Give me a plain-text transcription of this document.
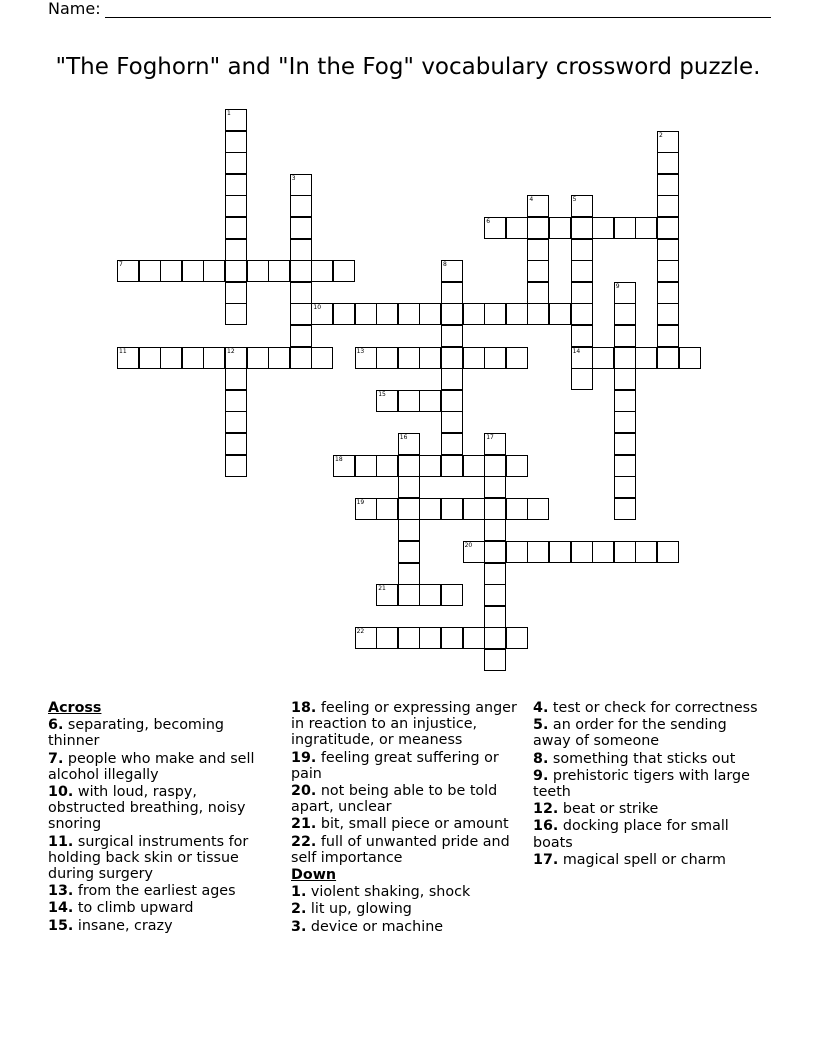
Name:
"The Foghorn" and "In the Fog" vocabulary crossword puzzle.
1
2
3
4	5
14
6
7	8
9
10
11	12	13
15
16	17
18
19
20
21
22
Across
6. separating, becoming thinner
7. people who make and sell alcohol illegally
10. with loud, raspy, obstructed breathing, noisy snoring
11. surgical instruments for holding back skin or tissue during surgery
13. from the earliest ages
14. to climb upward
15. insane, crazy
18. feeling or expressing anger in reaction to an injustice, ingratitude, or meaness
19. feeling great suffering or pain
20. not being able to be told apart, unclear
21. bit, small piece or amount
22. full of unwanted pride and self importance
Down
1. violent shaking, shock
2. lit up, glowing
3. device or machine
4. test or check for correctness
5. an order for the sending away of someone
8. something that sticks out
9. prehistoric tigers with large teeth
12. beat or strike
16. docking place for small boats
17. magical spell or charm
